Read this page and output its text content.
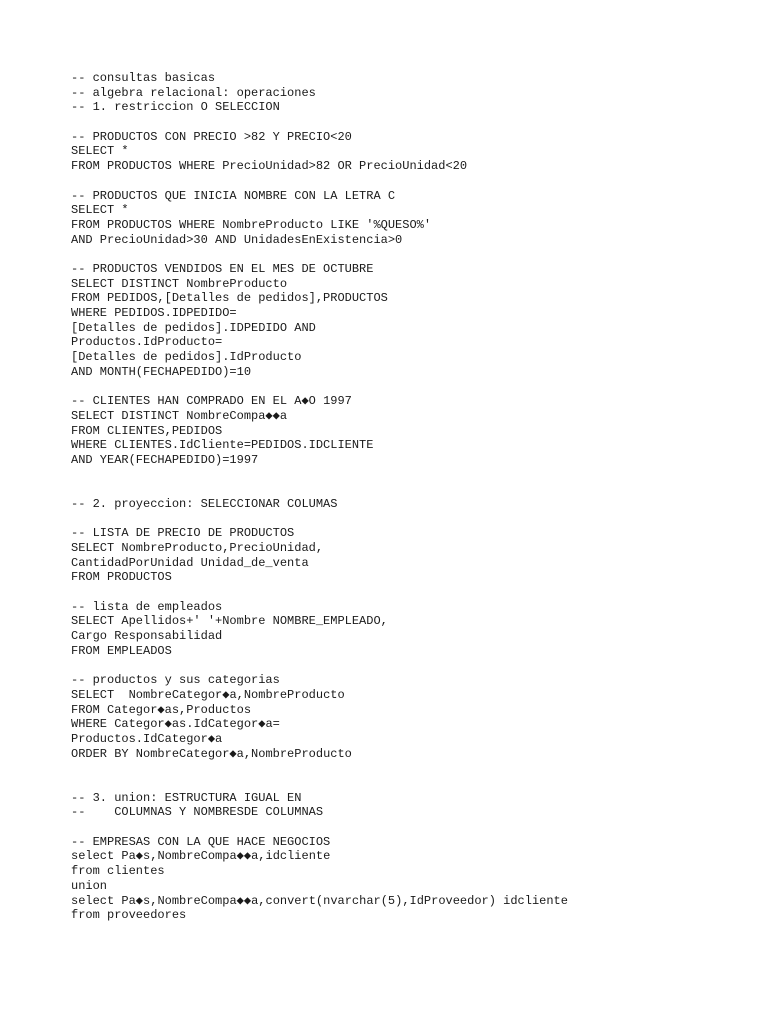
-- consultas basicas
-- algebra relacional: operaciones
-- 1. restriccion O SELECCION
-- PRODUCTOS CON PRECIO >82 Y PRECIO<20
SELECT *
FROM PRODUCTOS WHERE PrecioUnidad>82 OR PrecioUnidad<20
-- PRODUCTOS QUE INICIA NOMBRE CON LA LETRA C
SELECT *
FROM PRODUCTOS WHERE NombreProducto LIKE '%QUESO%'
AND PrecioUnidad>30 AND UnidadesEnExistencia>0
-- PRODUCTOS VENDIDOS EN EL MES DE OCTUBRE
SELECT DISTINCT NombreProducto
FROM PEDIDOS,[Detalles de pedidos],PRODUCTOS
WHERE PEDIDOS.IDPEDIDO=
[Detalles de pedidos].IDPEDIDO AND
Productos.IdProducto=
[Detalles de pedidos].IdProducto
AND MONTH(FECHAPEDIDO)=10
-- CLIENTES HAN COMPRADO EN EL A◆O 1997
SELECT DISTINCT NombreCompa◆◆a
FROM CLIENTES,PEDIDOS
WHERE CLIENTES.IdCliente=PEDIDOS.IDCLIENTE
AND YEAR(FECHAPEDIDO)=1997
-- 2. proyeccion: SELECCIONAR COLUMAS
-- LISTA DE PRECIO DE PRODUCTOS
SELECT NombreProducto,PrecioUnidad,
CantidadPorUnidad Unidad_de_venta
FROM PRODUCTOS
-- lista de empleados
SELECT Apellidos+' '+Nombre NOMBRE_EMPLEADO,
Cargo Responsabilidad
FROM EMPLEADOS
-- productos y sus categorias
SELECT  NombreCategor◆a,NombreProducto
FROM Categor◆as,Productos
WHERE Categor◆as.IdCategor◆a=
Productos.IdCategor◆a
ORDER BY NombreCategor◆a,NombreProducto
-- 3. union: ESTRUCTURA IGUAL EN
--    COLUMNAS Y NOMBRESDE COLUMNAS
-- EMPRESAS CON LA QUE HACE NEGOCIOS
select Pa◆s,NombreCompa◆◆a,idcliente
from clientes
union
select Pa◆s,NombreCompa◆◆a,convert(nvarchar(5),IdProveedor) idcliente
from proveedores
